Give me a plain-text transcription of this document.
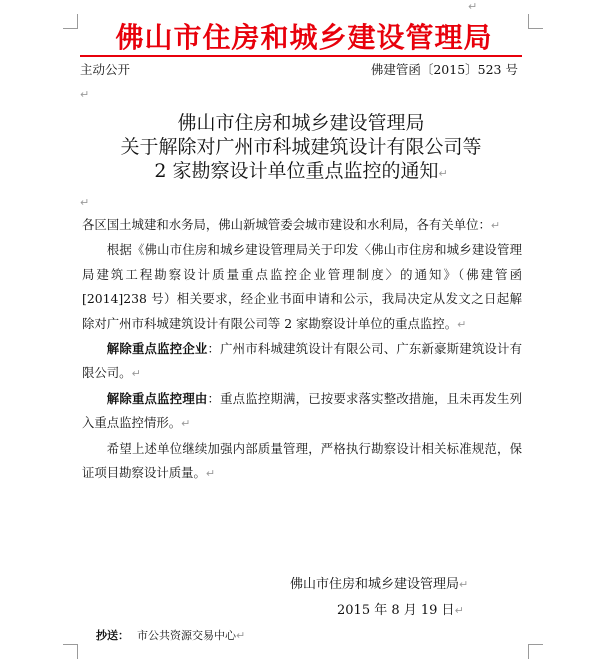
↵
佛山市住房和城乡建设管理局
主动公开	佛建管函〔2015〕523 号
↵
佛山市住房和城乡建设管理局
关于解除对广州市科城建筑设计有限公司等
2 家勘察设计单位重点监控的通知↵
↵

各区国土城建和水务局，佛山新城管委会城市建设和水利局，各有关单位：↵

根据《佛山市住房和城乡建设管理局关于印发〈佛山市住房和城乡建设管理局建筑工程勘察设计质量重点监控企业管理制度〉的通知》（佛建管函[2014]238 号）相关要求，经企业书面申请和公示，我局决定从发文之日起解除对广州市科城建筑设计有限公司等 2 家勘察设计单位的重点监控。↵

解除重点监控企业：广州市科城建筑设计有限公司、广东新豪斯建筑设计有限公司。↵

解除重点监控理由：重点监控期满，已按要求落实整改措施，且未再发生列入重点监控情形。↵

希望上述单位继续加强内部质量管理，严格执行勘察设计相关标准规范，保证项目勘察设计质量。↵

佛山市住房和城乡建设管理局↵
2015 年 8 月 19 日↵
抄送： 市公共资源交易中心↵
